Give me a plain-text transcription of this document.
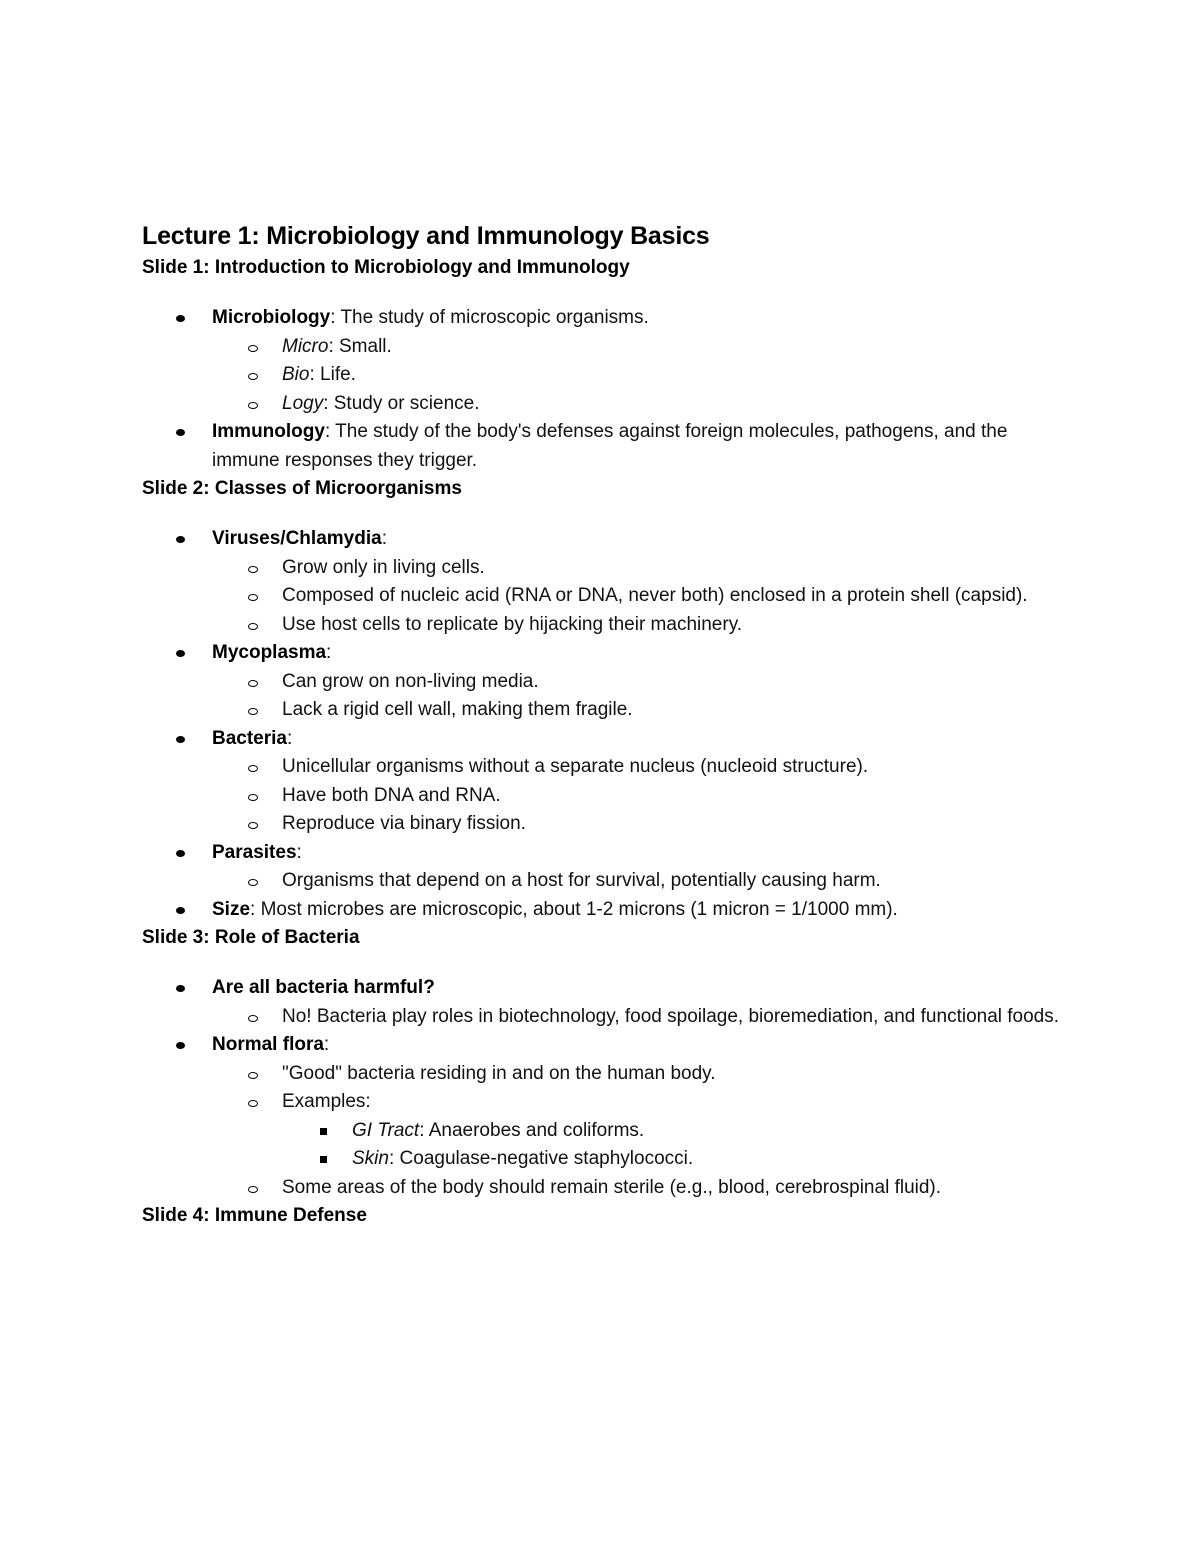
Lecture 1: Microbiology and Immunology Basics
Slide 1: Introduction to Microbiology and Immunology
Microbiology: The study of microscopic organisms.
Micro: Small.
Bio: Life.
Logy: Study or science.
Immunology: The study of the body's defenses against foreign molecules, pathogens, and the immune responses they trigger.
Slide 2: Classes of Microorganisms
Viruses/Chlamydia:
Grow only in living cells.
Composed of nucleic acid (RNA or DNA, never both) enclosed in a protein shell (capsid).
Use host cells to replicate by hijacking their machinery.
Mycoplasma:
Can grow on non-living media.
Lack a rigid cell wall, making them fragile.
Bacteria:
Unicellular organisms without a separate nucleus (nucleoid structure).
Have both DNA and RNA.
Reproduce via binary fission.
Parasites:
Organisms that depend on a host for survival, potentially causing harm.
Size: Most microbes are microscopic, about 1-2 microns (1 micron = 1/1000 mm).
Slide 3: Role of Bacteria
Are all bacteria harmful?
No! Bacteria play roles in biotechnology, food spoilage, bioremediation, and functional foods.
Normal flora:
"Good" bacteria residing in and on the human body.
Examples:
GI Tract: Anaerobes and coliforms.
Skin: Coagulase-negative staphylococci.
Some areas of the body should remain sterile (e.g., blood, cerebrospinal fluid).
Slide 4: Immune Defense
